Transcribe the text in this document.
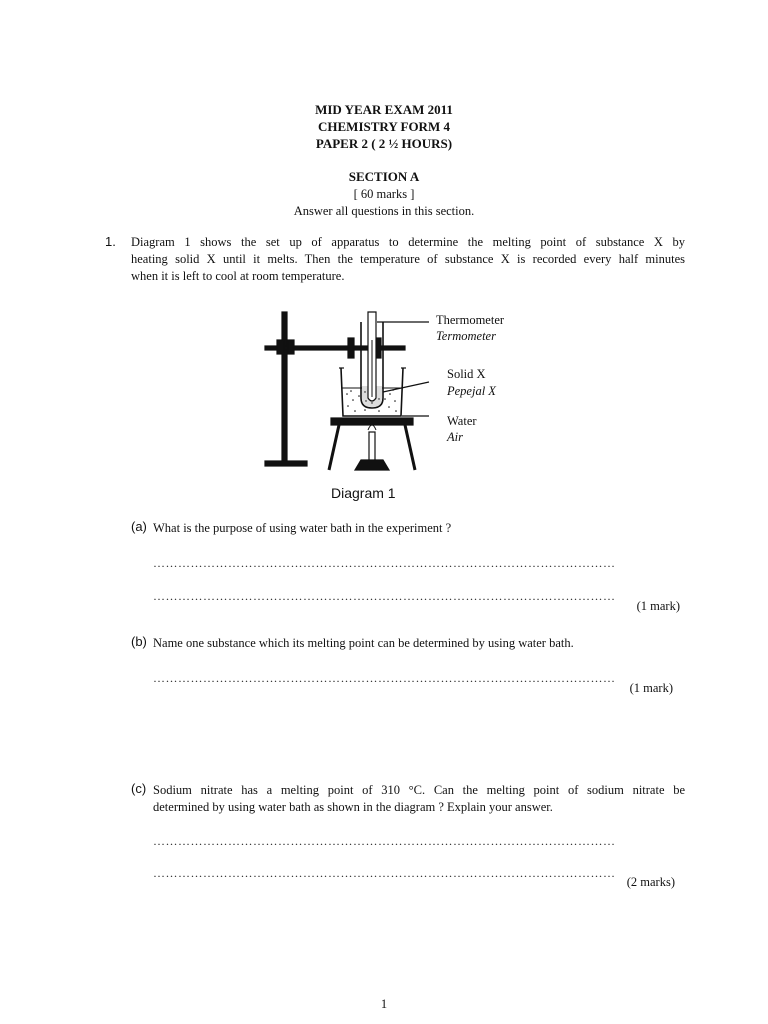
MID YEAR EXAM 2011
CHEMISTRY FORM 4
PAPER 2 ( 2 ½ HOURS)
SECTION A
[ 60 marks ]
Answer all questions in this section.
1. Diagram 1 shows the set up of apparatus to determine the melting point of substance X by
heating solid X until it melts. Then the temperature of substance X is recorded every half minutes
when it is left to cool at room temperature.
Thermometer
Termometer
Solid X
Pepejal X
Water
Air
Diagram 1
(a) What is the purpose of using water bath in the experiment ?
…………………………………………………………………………………………………
…………………………………………………………………………………………………
(1 mark)
(b) Name one substance which its melting point can be determined by using water bath.
…………………………………………………………………………………………………
(1 mark)
(c) Sodium nitrate has a melting point of 310 °C. Can the melting point of sodium nitrate be
determined by using water bath as shown in the diagram ? Explain your answer.
…………………………………………………………………………………………………
…………………………………………………………………………………………………
(2 marks)
1
